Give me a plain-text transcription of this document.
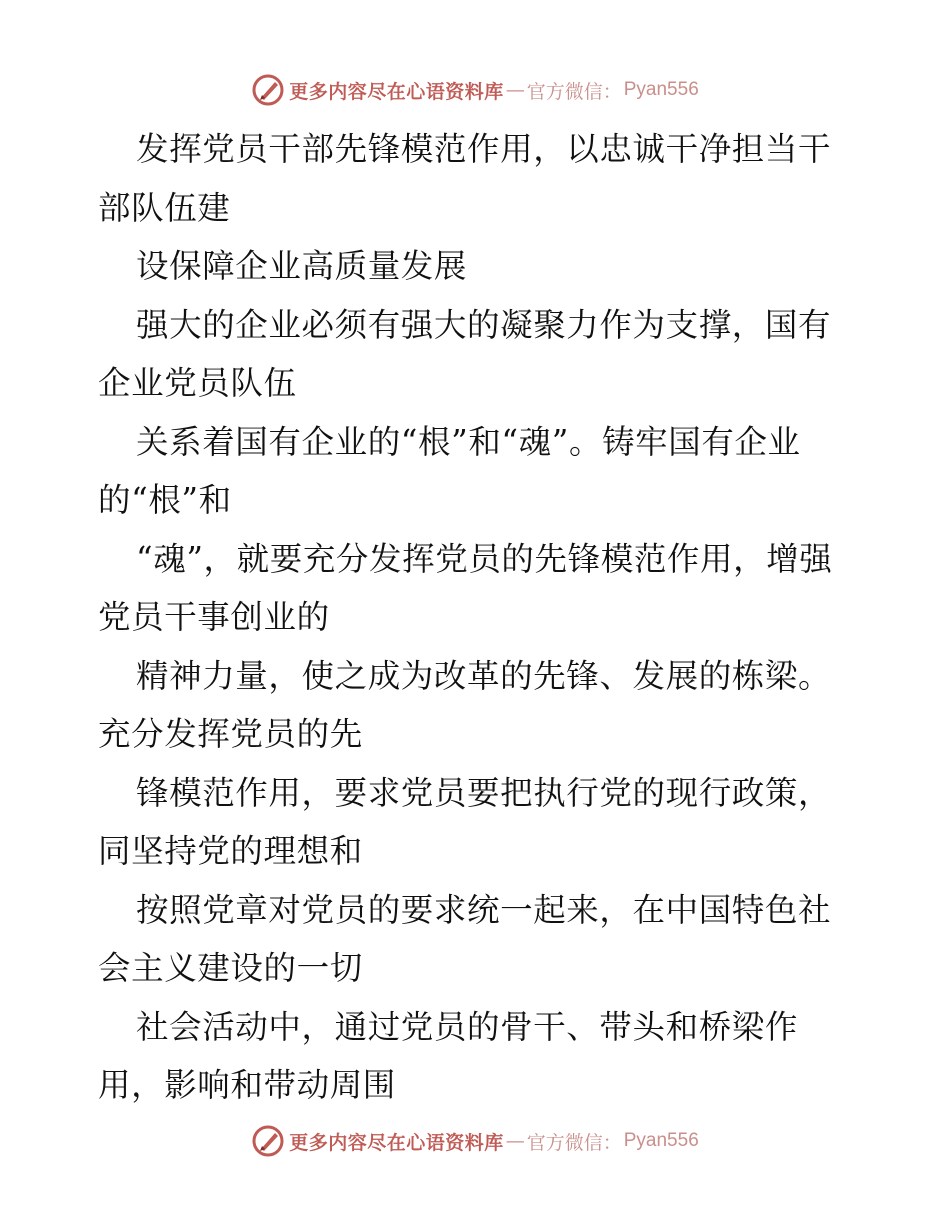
更多内容尽在心语资料库 — 官方微信： Pyan556

发挥党员干部先锋模范作用，以忠诚干净担当干部队伍建

设保障企业高质量发展

强大的企业必须有强大的凝聚力作为支撑，国有企业党员队伍

关系着国有企业的“根”和“魂”。铸牢国有企业的“根”和

“魂”，就要充分发挥党员的先锋模范作用，增强党员干事创业的

精神力量，使之成为改革的先锋、发展的栋梁。充分发挥党员的先

锋模范作用，要求党员要把执行党的现行政策，同坚持党的理想和

按照党章对党员的要求统一起来，在中国特色社会主义建设的一切

社会活动中，通过党员的骨干、带头和桥梁作用，影响和带动周围

更多内容尽在心语资料库 — 官方微信： Pyan556
